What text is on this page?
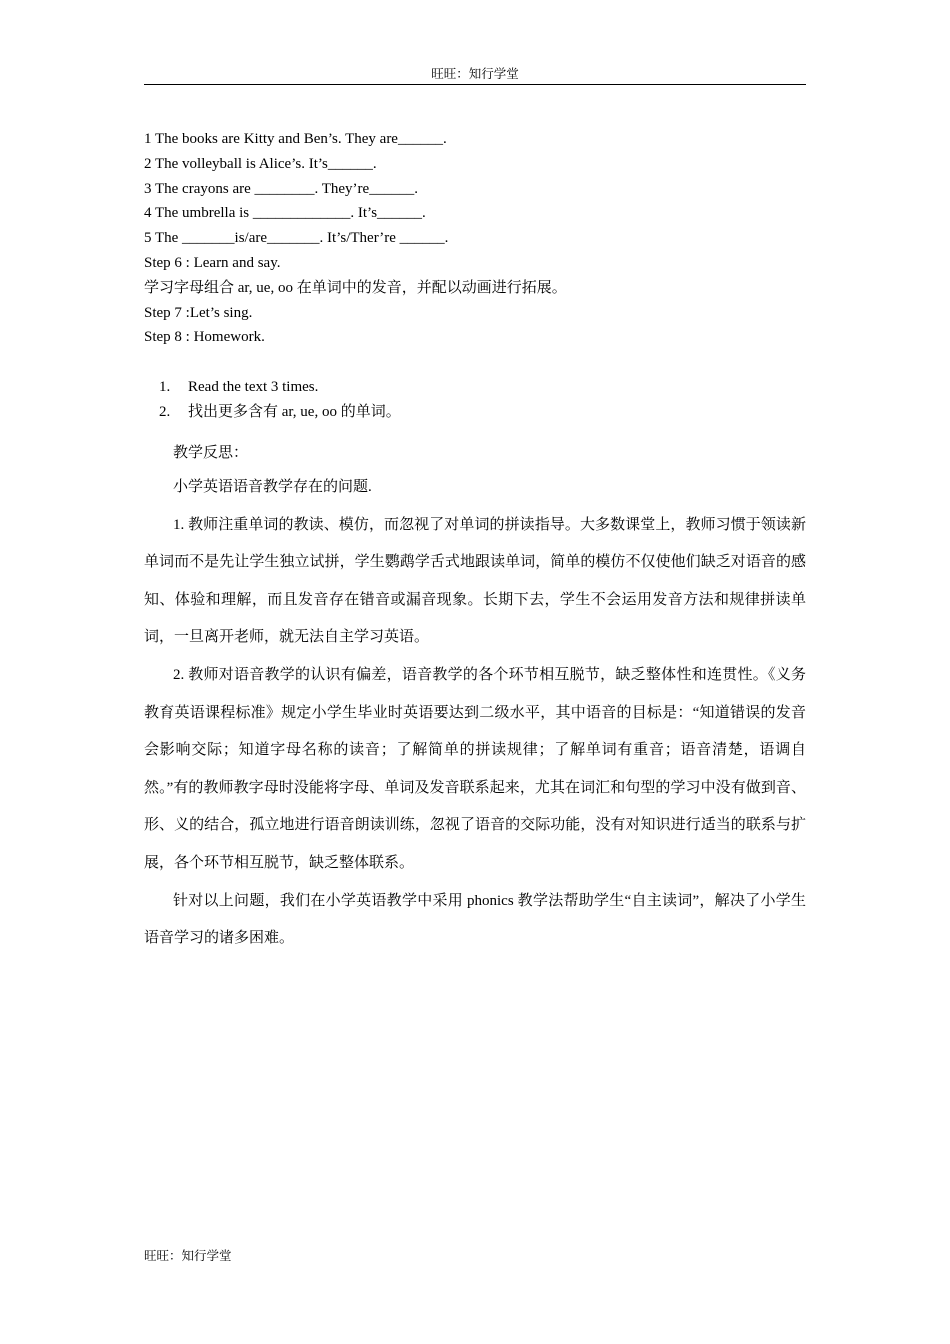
旺旺：知行学堂
1 The books are Kitty and Ben’s. They are______.
2 The volleyball is Alice’s. It’s______.
3 The crayons are ________. They’re______.
4 The umbrella is _____________. It’s______.
5 The _______is/are_______. It’s/Ther’re ______.
Step 6 : Learn and say.
学习字母组合 ar, ue, oo 在单词中的发音，并配以动画进行拓展。
Step 7 :Let’s sing.
Step 8 : Homework.

1. Read the text 3 times.

2. 找出更多含有 ar, ue, oo 的单词。

教学反思：
小学英语语音教学存在的问题.

1. 教师注重单词的教读、模仿，而忽视了对单词的拼读指导。大多数课堂上，教师习惯于领读新单词而不是先让学生独立试拼，学生鹦鹉学舌式地跟读单词，简单的模仿不仅使他们缺乏对语音的感知、体验和理解，而且发音存在错音或漏音现象。长期下去，学生不会运用发音方法和规律拼读单词，一旦离开老师，就无法自主学习英语。

2. 教师对语音教学的认识有偏差，语音教学的各个环节相互脱节，缺乏整体性和连贯性。《义务教育英语课程标准》规定小学生毕业时英语要达到二级水平，其中语音的目标是：“知道错误的发音会影响交际；知道字母名称的读音；了解简单的拼读规律；了解单词有重音；语音清楚，语调自然。”有的教师教字母时没能将字母、单词及发音联系起来，尤其在词汇和句型的学习中没有做到音、形、义的结合，孤立地进行语音朗读训练，忽视了语音的交际功能，没有对知识进行适当的联系与扩展，各个环节相互脱节，缺乏整体联系。

针对以上问题，我们在小学英语教学中采用 phonics 教学法帮助学生“自主读词”，解决了小学生语音学习的诸多困难。

旺旺：知行学堂
